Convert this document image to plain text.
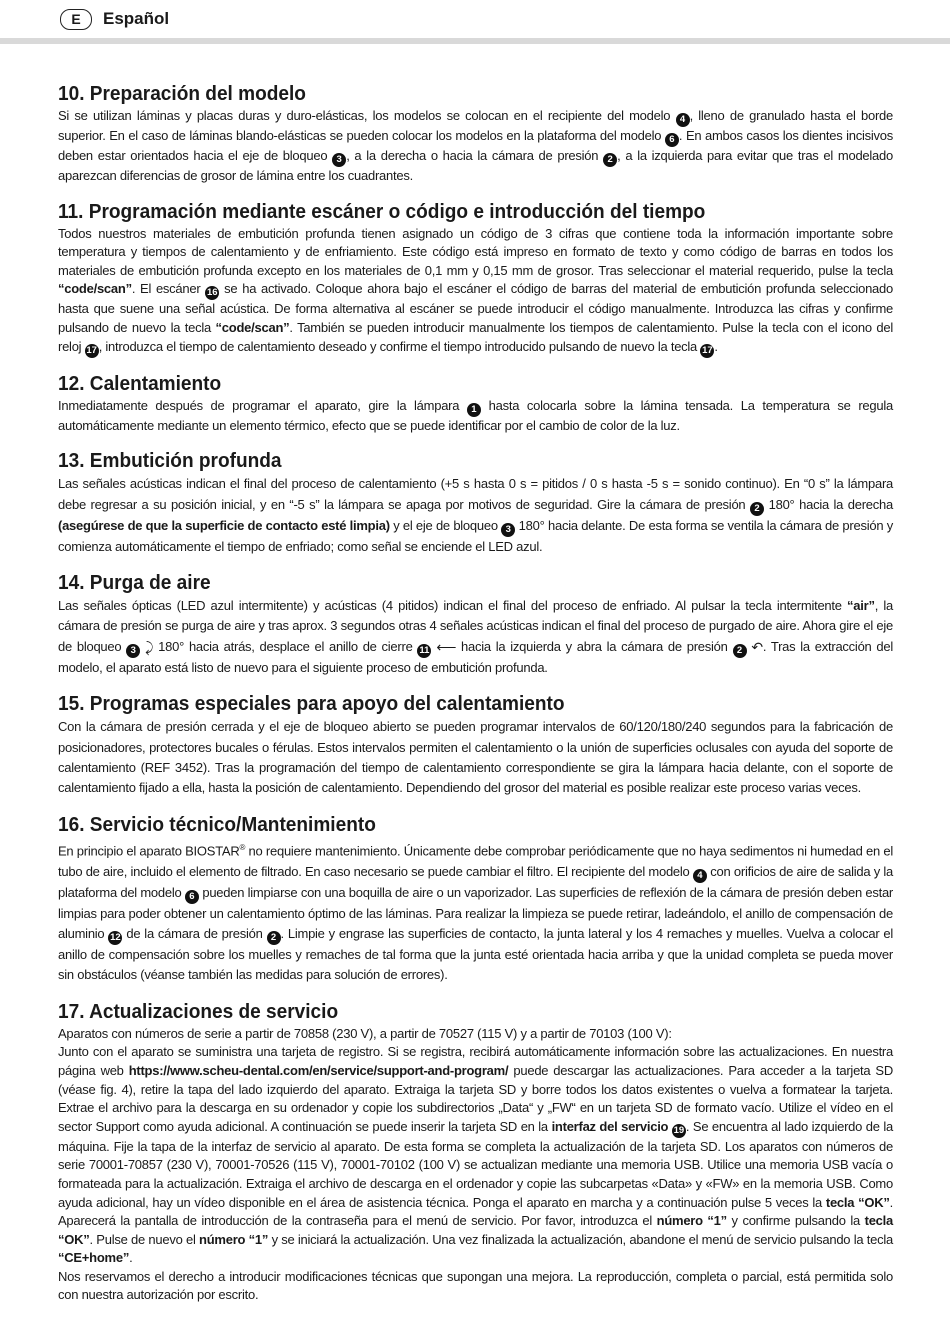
E	Español
10. Preparación del modelo

Si se utilizan láminas y placas duras y duro-elásticas, los modelos se colocan en el recipiente del modelo 4 , lleno de granulado hasta el borde superior. En el caso de láminas blando-elásticas se pueden colocar los modelos en la plataforma del modelo 6 . En ambos casos los dientes incisivos deben estar orientados hacia el eje de bloqueo 3 , a la derecha o hacia la cámara de presión 2 , a la izquierda para evitar que tras el modelado aparezcan diferencias de grosor de lámina entre los cuadrantes.

11. Programación mediante escáner o código e introducción del tiempo

Todos nuestros materiales de embutición profunda tienen asignado un código de 3 cifras que contiene toda la información importante sobre temperatura y tiempos de calentamiento y de enfriamiento. Este código está impreso en formato de texto y como código de barras en todos los materiales de embutición profunda excepto en los materiales de 0,1 mm y 0,15 mm de grosor. Tras seleccionar el material requerido, pulse la tecla “code/scan”. El escáner 16 se ha activado. Coloque ahora bajo el escáner el código de barras del material de embutición profunda seleccionado hasta que suene una señal acústica. De forma alternativa al escáner se puede introducir el código manualmente. Introduzca las cifras y confirme pulsando de nuevo la tecla “code/scan”. También se pueden introducir manualmente los tiempos de calentamiento. Pulse la tecla con el icono del reloj 17 , introduzca el tiempo de calentamiento deseado y confirme el tiempo introducido pulsando de nuevo la tecla 17 .

12. Calentamiento

Inmediatamente después de programar el aparato, gire la lámpara 1 hasta colocarla sobre la lámina tensada. La temperatura se regula automáticamente mediante un elemento térmico, efecto que se puede identificar por el cambio de color de la luz.

13. Embutición profunda

Las señales acústicas indican el final del proceso de calentamiento (+5 s hasta 0 s = pitidos / 0 s hasta -5 s = sonido continuo). En “0 s” la lámpara debe regresar a su posición inicial, y en “-5 s” la lámpara se apaga por motivos de seguridad. Gire la cámara de presión 2 180° hacia la derecha (asegúrese de que la superficie de contacto esté limpia) y el eje de bloqueo 3 180° hacia delante. De esta forma se ventila la cámara de presión y comienza automáticamente el tiempo de enfriado; como señal se enciende el LED azul.

14. Purga de aire

Las señales ópticas (LED azul intermitente) y acústicas (4 pitidos) indican el final del proceso de enfriado. Al pulsar la tecla intermitente “air”, la cámara de presión se purga de aire y tras aprox. 3 segundos otras 4 señales acústicas indican el final del proceso de purgado de aire. Ahora gire el eje de bloqueo 3 ⤸ 180° hacia atrás, desplace el anillo de cierre 11 ⟵ hacia la izquierda y abra la cámara de presión 2 ↶. Tras la extracción del modelo, el aparato está listo de nuevo para el siguiente proceso de embutición profunda.

15. Programas especiales para apoyo del calentamiento

Con la cámara de presión cerrada y el eje de bloqueo abierto se pueden programar intervalos de 60/120/180/240 segundos para la fabricación de posicionadores, protectores bucales o férulas. Estos intervalos permiten el calentamiento o la unión de superficies oclusales con ayuda del soporte de calentamiento (REF 3452). Tras la programación del tiempo de calentamiento correspondiente se gira la lámpara hacia delante, con el soporte de calentamiento fijado a ella, hasta la posición de calentamiento. Dependiendo del grosor del material es posible realizar este proceso varias veces.

16. Servicio técnico/Mantenimiento

En principio el aparato BIOSTAR® no requiere mantenimiento. Únicamente debe comprobar periódicamente que no haya sedimentos ni humedad en el tubo de aire, incluido el elemento de filtrado. En caso necesario se puede cambiar el filtro. El recipiente del modelo 4 con orificios de aire de salida y la plataforma del modelo 6 pueden limpiarse con una boquilla de aire o un vaporizador. Las superficies de reflexión de la cámara de presión deben estar limpias para poder obtener un calentamiento óptimo de las láminas. Para realizar la limpieza se puede retirar, ladeándolo, el anillo de compensación de aluminio 12 de la cámara de presión 2 . Limpie y engrase las superficies de contacto, la junta lateral y los 4 remaches y muelles. Vuelva a colocar el anillo de compensación sobre los muelles y remaches de tal forma que la junta esté orientada hacia arriba y que la unidad completa se pueda mover sin obstáculos (véanse también las medidas para solución de errores).

17. Actualizaciones de servicio

Aparatos con números de serie a partir de 70858 (230 V), a partir de 70527 (115 V) y a partir de 70103 (100 V):

Junto con el aparato se suministra una tarjeta de registro. Si se registra, recibirá automáticamente información sobre las actualizaciones. En nuestra página web https://www.scheu-dental.com/en/service/support-and-program/ puede descargar las actualizaciones. Para acceder a la tarjeta SD (véase fig. 4), retire la tapa del lado izquierdo del aparato. Extraiga la tarjeta SD y borre todos los datos existentes o vuelva a formatear la tarjeta. Extrae el archivo para la descarga en su ordenador y copie los subdirectorios „Data“ y „FW“ en un tarjeta SD de formato vacío. Utilize el vídeo en el sector Support como ayuda adicional. A continuación se puede inserir la tarjeta SD en la interfaz del servicio 19 . Se encuentra al lado izquierdo de la máquina. Fije la tapa de la interfaz de servicio al aparato. De esta forma se completa la actualización de la tarjeta SD. Los aparatos con números de serie 70001-70857 (230 V), 70001-70526 (115 V), 70001-70102 (100 V) se actualizan mediante una memoria USB. Utilice una memoria USB vacía o formateada para la actualización. Extraiga el archivo de descarga en el ordenador y copie las subcarpetas «Data» y «FW» en la memoria USB. Como ayuda adicional, hay un vídeo disponible en el área de asistencia técnica. Ponga el aparato en marcha y a continuación pulse 5 veces la tecla “OK”. Aparecerá la pantalla de introducción de la contraseña para el menú de servicio. Por favor, introduzca el número “1” y confirme pulsando la tecla “OK”. Pulse de nuevo el número “1” y se iniciará la actualización. Una vez finalizada la actualización, abandone el menú de servicio pulsando la tecla “CE+home”.

Nos reservamos el derecho a introducir modificaciones técnicas que supongan una mejora. La reproducción, completa o parcial, está permitida solo con nuestra autorización por escrito.
